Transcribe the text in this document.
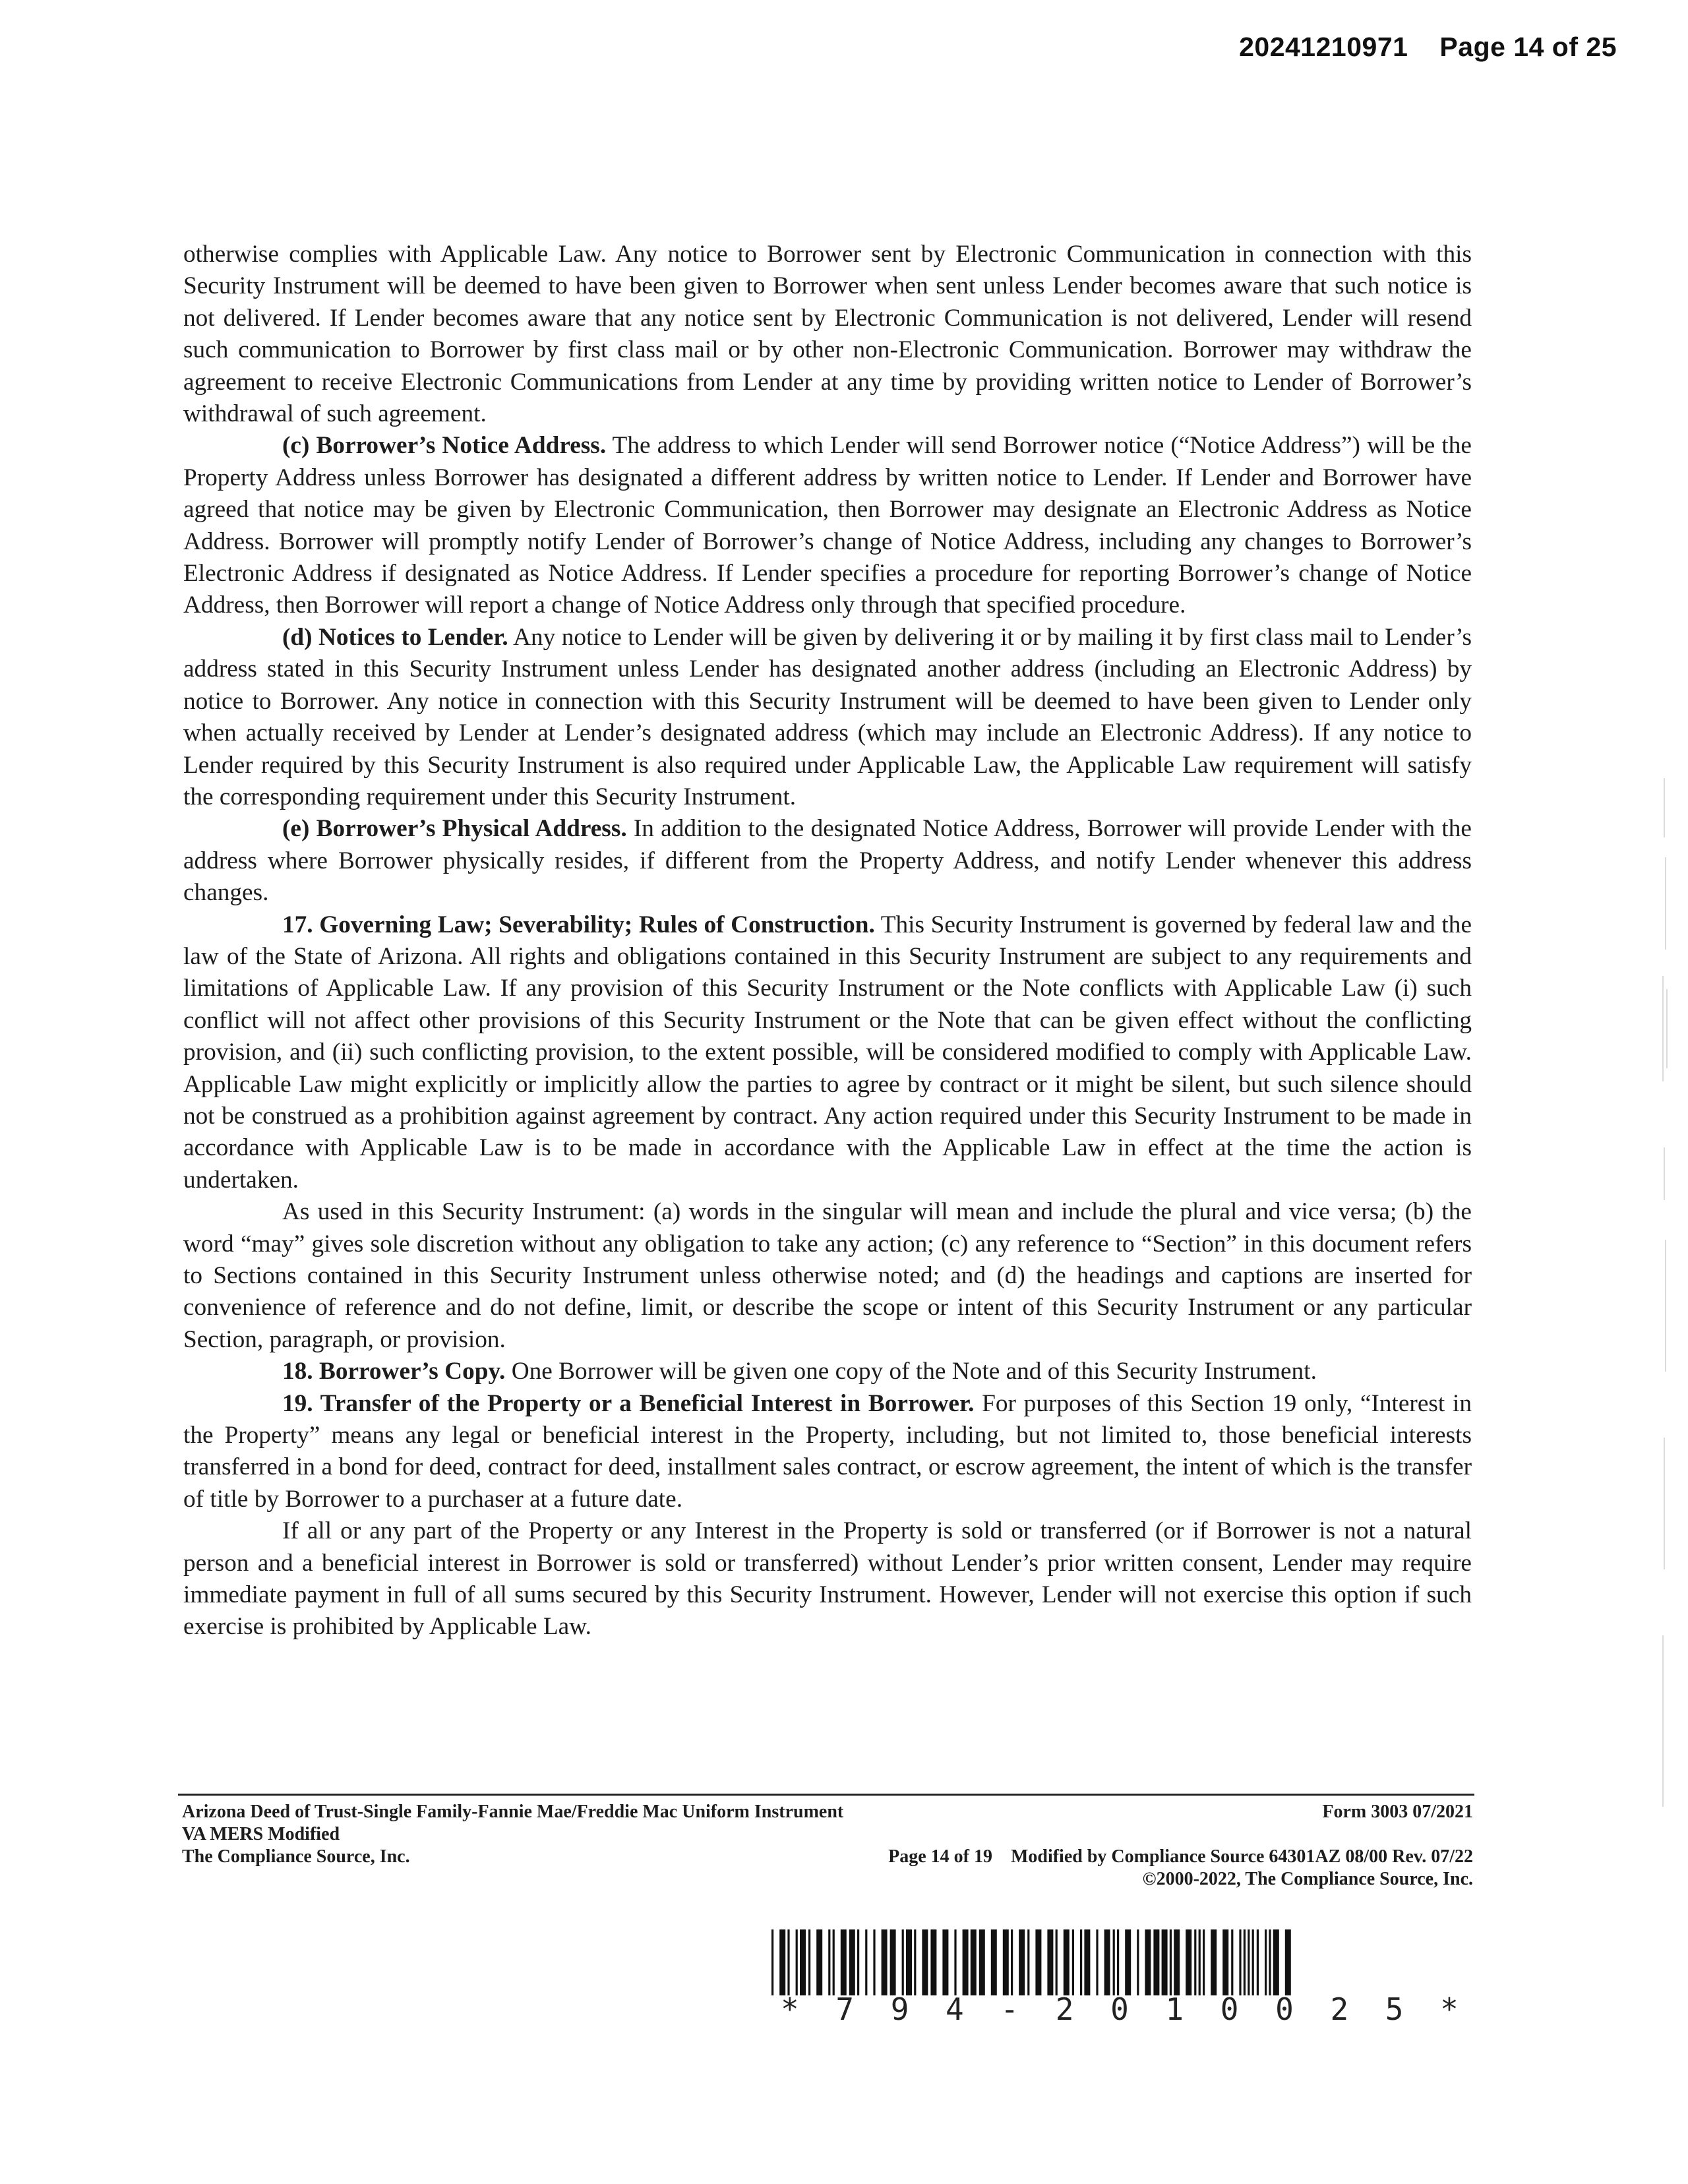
20241210971 Page 14 of 25

otherwise complies with Applicable Law. Any notice to Borrower sent by Electronic Communication in connection with this Security Instrument will be deemed to have been given to Borrower when sent unless Lender becomes aware that such notice is not delivered. If Lender becomes aware that any notice sent by Electronic Communication is not delivered, Lender will resend such communication to Borrower by first class mail or by other non-Electronic Communication. Borrower may withdraw the agreement to receive Electronic Communications from Lender at any time by providing written notice to Lender of Borrower’s withdrawal of such agreement.

(c) Borrower’s Notice Address. The address to which Lender will send Borrower notice (“Notice Address”) will be the Property Address unless Borrower has designated a different address by written notice to Lender. If Lender and Borrower have agreed that notice may be given by Electronic Communication, then Borrower may designate an Electronic Address as Notice Address. Borrower will promptly notify Lender of Borrower’s change of Notice Address, including any changes to Borrower’s Electronic Address if designated as Notice Address. If Lender specifies a procedure for reporting Borrower’s change of Notice Address, then Borrower will report a change of Notice Address only through that specified procedure.

(d) Notices to Lender. Any notice to Lender will be given by delivering it or by mailing it by first class mail to Lender’s address stated in this Security Instrument unless Lender has designated another address (including an Electronic Address) by notice to Borrower. Any notice in connection with this Security Instrument will be deemed to have been given to Lender only when actually received by Lender at Lender’s designated address (which may include an Electronic Address). If any notice to Lender required by this Security Instrument is also required under Applicable Law, the Applicable Law requirement will satisfy the corresponding requirement under this Security Instrument.

(e) Borrower’s Physical Address. In addition to the designated Notice Address, Borrower will provide Lender with the address where Borrower physically resides, if different from the Property Address, and notify Lender whenever this address changes.

17. Governing Law; Severability; Rules of Construction. This Security Instrument is governed by federal law and the law of the State of Arizona. All rights and obligations contained in this Security Instrument are subject to any requirements and limitations of Applicable Law. If any provision of this Security Instrument or the Note conflicts with Applicable Law (i) such conflict will not affect other provisions of this Security Instrument or the Note that can be given effect without the conflicting provision, and (ii) such conflicting provision, to the extent possible, will be considered modified to comply with Applicable Law. Applicable Law might explicitly or implicitly allow the parties to agree by contract or it might be silent, but such silence should not be construed as a prohibition against agreement by contract. Any action required under this Security Instrument to be made in accordance with Applicable Law is to be made in accordance with the Applicable Law in effect at the time the action is undertaken.

As used in this Security Instrument: (a) words in the singular will mean and include the plural and vice versa; (b) the word “may” gives sole discretion without any obligation to take any action; (c) any reference to “Section” in this document refers to Sections contained in this Security Instrument unless otherwise noted; and (d) the headings and captions are inserted for convenience of reference and do not define, limit, or describe the scope or intent of this Security Instrument or any particular Section, paragraph, or provision.

18. Borrower’s Copy. One Borrower will be given one copy of the Note and of this Security Instrument.

19. Transfer of the Property or a Beneficial Interest in Borrower. For purposes of this Section 19 only, “Interest in the Property” means any legal or beneficial interest in the Property, including, but not limited to, those beneficial interests transferred in a bond for deed, contract for deed, installment sales contract, or escrow agreement, the intent of which is the transfer of title by Borrower to a purchaser at a future date.

If all or any part of the Property or any Interest in the Property is sold or transferred (or if Borrower is not a natural person and a beneficial interest in Borrower is sold or transferred) without Lender’s prior written consent, Lender may require immediate payment in full of all sums secured by this Security Instrument. However, Lender will not exercise this option if such exercise is prohibited by Applicable Law.

Arizona Deed of Trust-Single Family-Fannie Mae/Freddie Mac Uniform Instrument	Form 3003 07/2021
VA MERS Modified
The Compliance Source, Inc.	Page 14 of 19 Modified by Compliance Source 64301AZ 08/00 Rev. 07/22
©2000-2022, The Compliance Source, Inc.
* 7 9 4 - 2 0 1 0 0 2 5 *
